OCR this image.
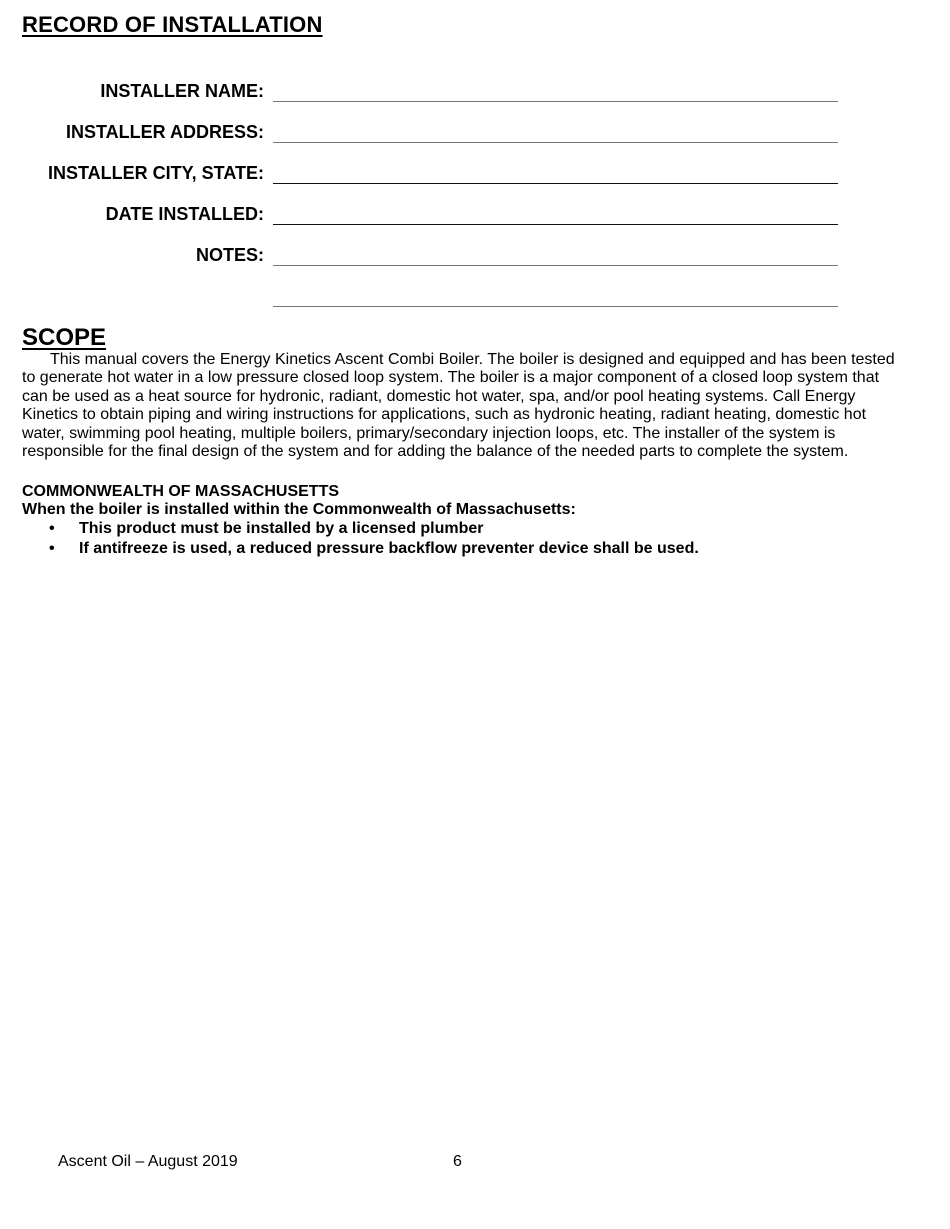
RECORD OF INSTALLATION
INSTALLER NAME:
INSTALLER ADDRESS:
INSTALLER CITY, STATE:
DATE INSTALLED:
NOTES:
SCOPE

This manual covers the Energy Kinetics Ascent Combi Boiler. The boiler is designed and equipped and has been tested to generate hot water in a low pressure closed loop system. The boiler is a major component of a closed loop system that can be used as a heat source for hydronic, radiant, domestic hot water, spa, and/or pool heating systems. Call Energy Kinetics to obtain piping and wiring instructions for applications, such as hydronic heating, radiant heating, domestic hot water, swimming pool heating, multiple boilers, primary/secondary injection loops, etc. The installer of the system is responsible for the final design of the system and for adding the balance of the needed parts to complete the system.

COMMONWEALTH OF MASSACHUSETTS
When the boiler is installed within the Commonwealth of Massachusetts:
• This product must be installed by a licensed plumber
• If antifreeze is used, a reduced pressure backflow preventer device shall be used.
Ascent Oil – August 2019	6
